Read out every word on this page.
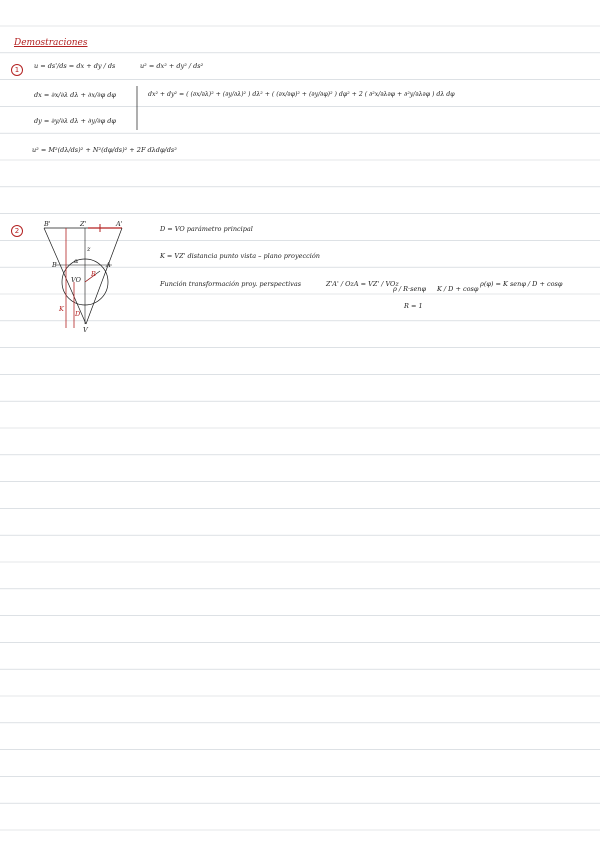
Demostraciones
1	u = ds'/ds = dx + dy / ds	u² = dx² + dy² / ds²
dx = ∂x/∂λ dλ + ∂x/∂φ dφ
dy = ∂y/∂λ dλ + ∂y/∂φ dφ
dx² + dy² = ( (∂x/∂λ)² + (∂y/∂λ)² ) dλ² + ( (∂x/∂φ)² + (∂y/∂φ)² ) dφ² + 2 ( ∂²x/∂λ∂φ + ∂²y/∂λ∂φ ) dλ dφ
u² = M²(dλ/ds)² + N²(dφ/ds)² + 2F dλdφ/ds²
2
B'	Z'	A'
z
B	A
α
VO
R
K
D
V
D = VO parámetro principal
K = VZ' distancia punto vista – plano proyección
Función transformación proy. perspectivas	Z'A' / OzA = VZ' / VOz
ρ / R·senφ K / D + cosφ
ρ(φ) = K senφ / D + cosφ
R = 1
